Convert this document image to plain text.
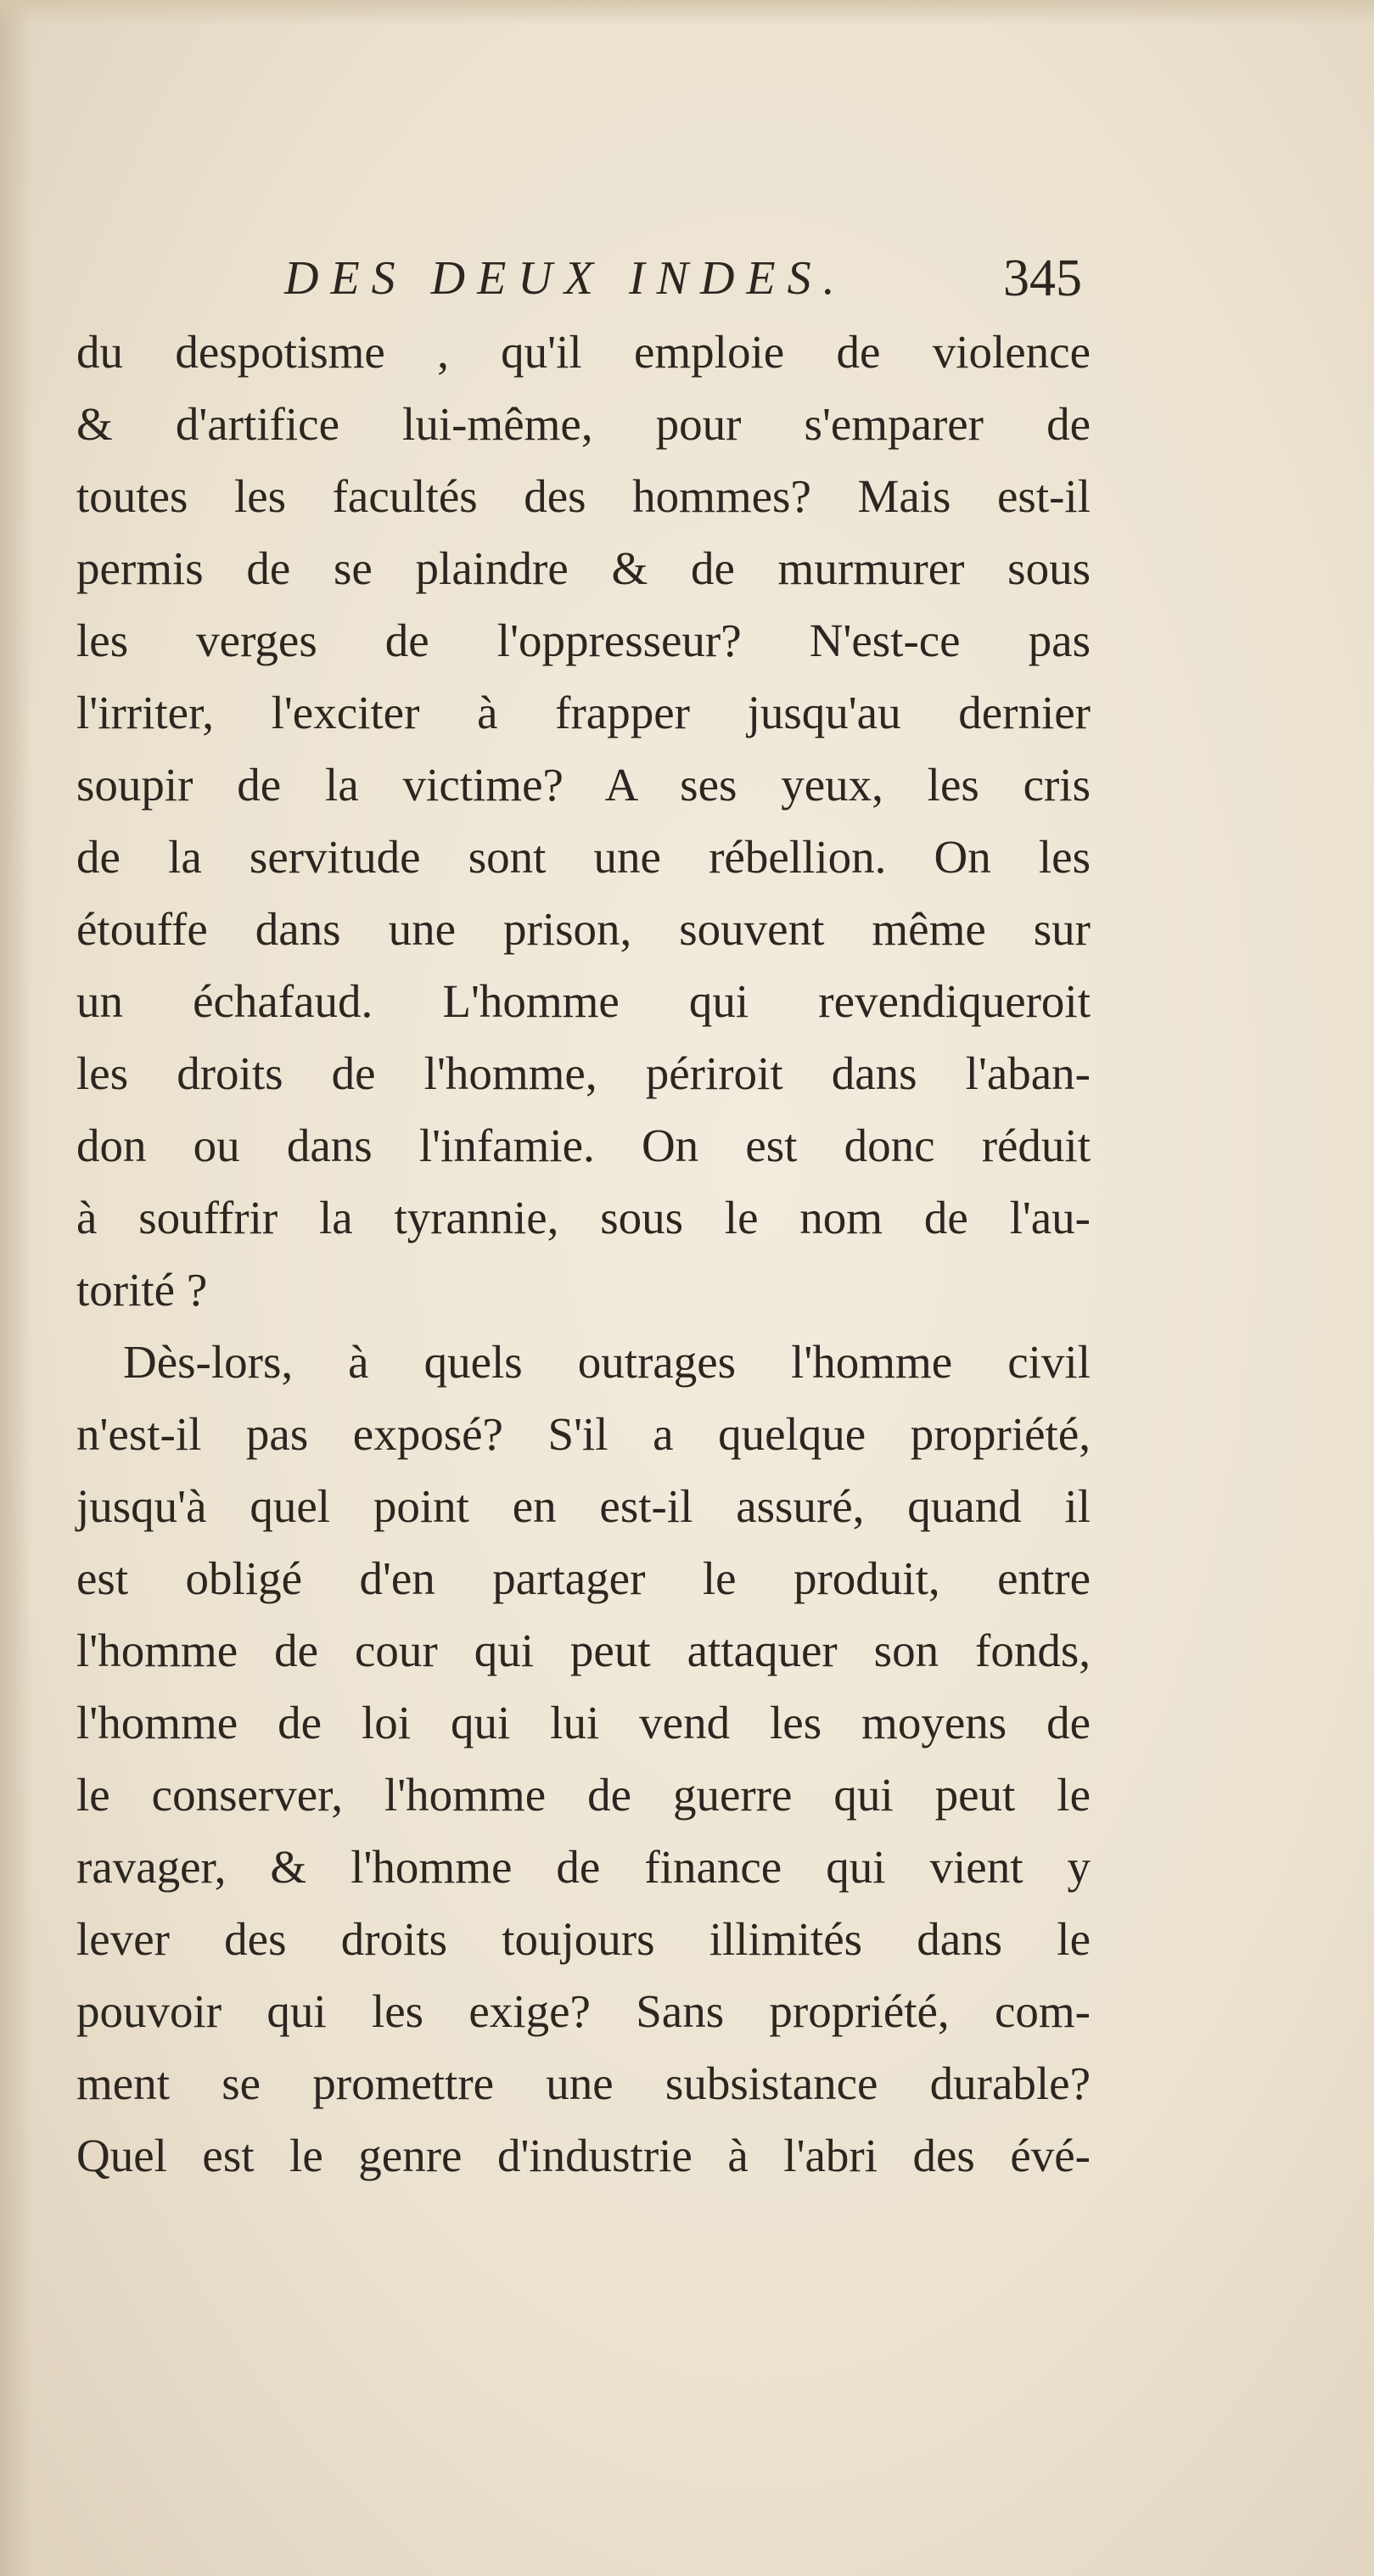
DES DEUX INDES.	345
du despotisme , qu'il emploie de violence
& d'artifice lui-même, pour s'emparer de
toutes les facultés des hommes? Mais est-il
permis de se plaindre & de murmurer sous
les verges de l'oppresseur? N'est-ce pas
l'irriter, l'exciter à frapper jusqu'au dernier
soupir de la victime? A ses yeux, les cris
de la servitude sont une rébellion. On les
étouffe dans une prison, souvent même sur
un échafaud. L'homme qui revendiqueroit
les droits de l'homme, périroit dans l'aban-
don ou dans l'infamie. On est donc réduit
à souffrir la tyrannie, sous le nom de l'au-
torité ?
Dès-lors, à quels outrages l'homme civil
n'est-il pas exposé? S'il a quelque propriété,
jusqu'à quel point en est-il assuré, quand il
est obligé d'en partager le produit, entre
l'homme de cour qui peut attaquer son fonds,
l'homme de loi qui lui vend les moyens de
le conserver, l'homme de guerre qui peut le
ravager, & l'homme de finance qui vient y
lever des droits toujours illimités dans le
pouvoir qui les exige? Sans propriété, com-
ment se promettre une subsistance durable?
Quel est le genre d'industrie à l'abri des évé-
